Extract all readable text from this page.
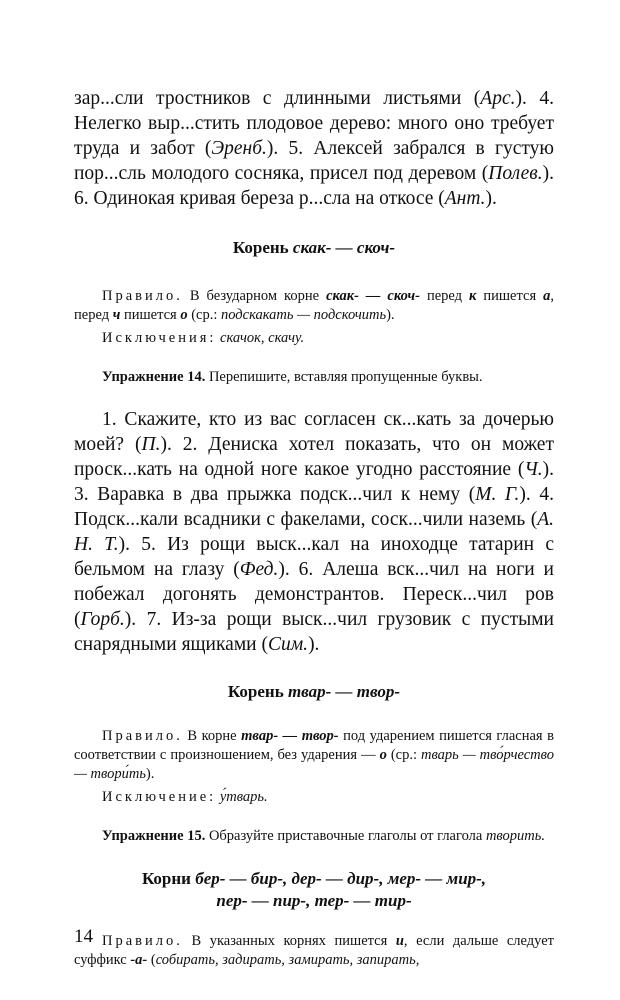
зар...сли тростников с длинными листьями (Арс.). 4. Нелегко выр...стить плодовое дерево: много оно требует труда и забот (Эренб.). 5. Алексей забрался в густую пор...сль молодого сосняка, присел под деревом (Полев.). 6. Одинокая кривая береза р...сла на откосе (Ант.).

Корень скак- — скоч-

Правило. В безударном корне скак- — скоч- перед к пишется а, перед ч пишется о (ср.: подскакать — подскочить).

Исключения: скачок, скачу.

Упражнение 14. Перепишите, вставляя пропущенные буквы.

1. Скажите, кто из вас согласен ск...кать за дочерью моей? (П.). 2. Дениска хотел показать, что он может проск...кать на одной ноге какое угодно расстояние (Ч.). 3. Варавка в два прыжка подск...чил к нему (М. Г.). 4. Подск...кали всадники с факелами, соск...чили наземь (А. Н. Т.). 5. Из рощи выск...кал на иноходце татарин с бельмом на глазу (Фед.). 6. Алеша вск...чил на ноги и побежал догонять демонстрантов. Переск...чил ров (Горб.). 7. Из-за рощи выск...чил грузовик с пустыми снарядными ящиками (Сим.).

Корень твар- — твор-

Правило. В корне твар- — твор- под ударением пишется гласная в соответствии с произношением, без ударения — о (ср.: тварь — тво́рчество — твори́ть).

Исключение: у́тварь.

Упражнение 15. Образуйте приставочные глаголы от глагола творить.

Корни бер- — бир-, дер- — дир-, мер- — мир-,
пер- — пир-, тер- — тир-

Правило. В указанных корнях пишется и, если дальше следует суффикс -а- (собирать, задирать, замирать, запирать,

14
